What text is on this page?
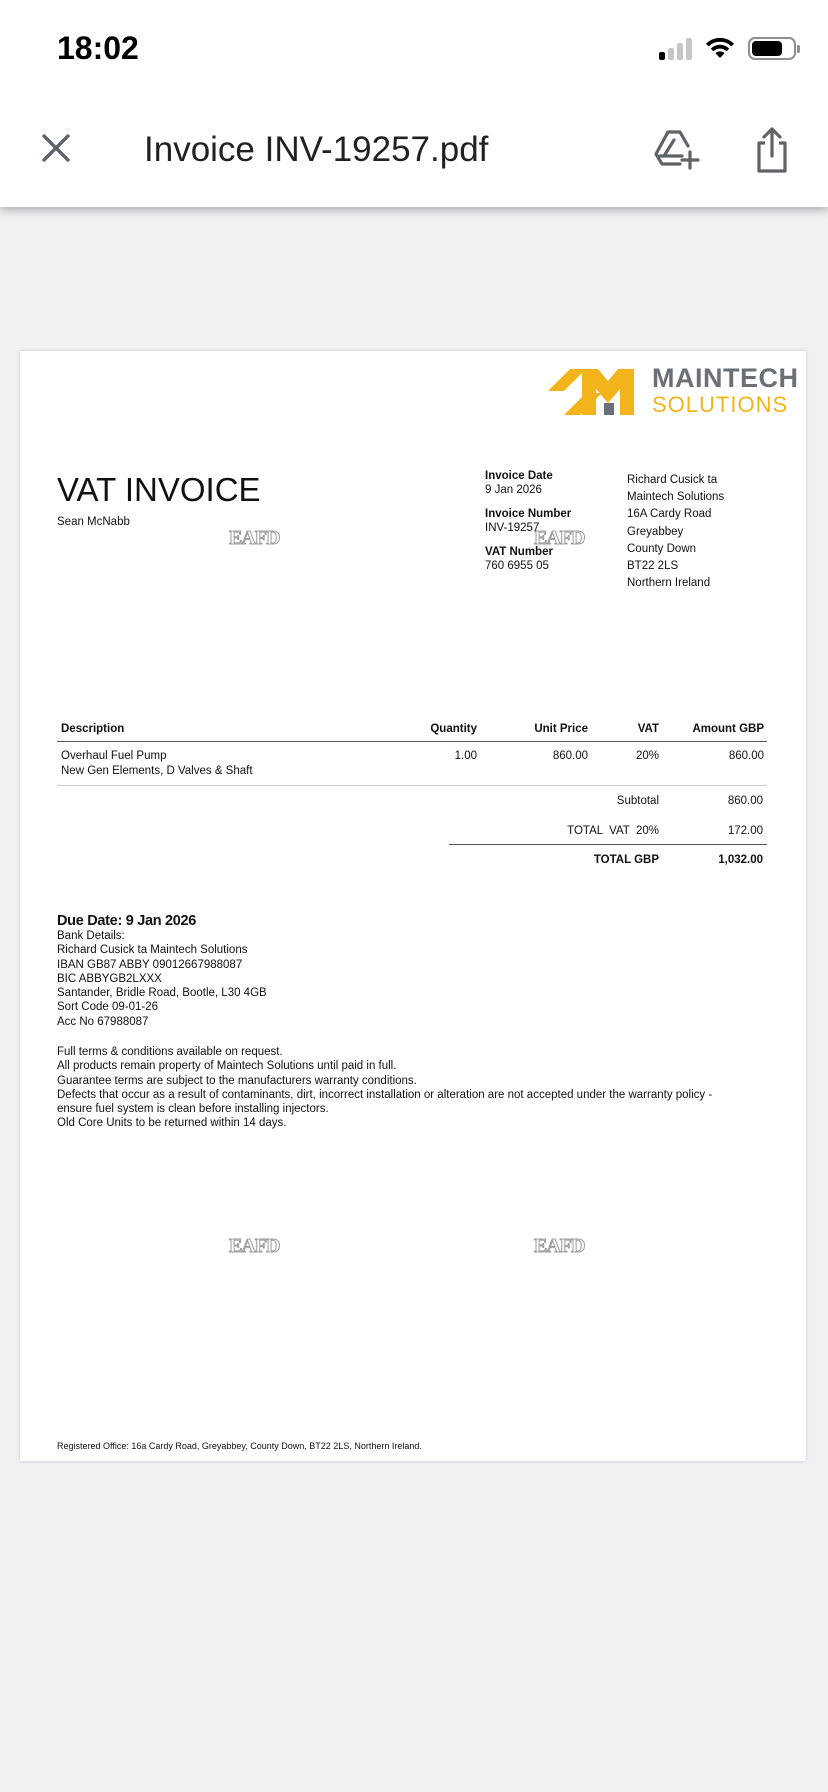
18:02
Invoice INV-19257.pdf
MAINTECH
SOLUTIONS
VAT INVOICE
Sean McNabb
EAFD	EAFD
EAFD	EAFD
Invoice Date
9 Jan 2026
Invoice Number
INV-19257
VAT Number
760 6955 05
Richard Cusick ta
Maintech Solutions
16A Cardy Road
Greyabbey
County Down
BT22 2LS
Northern Ireland
Description	Quantity	Unit Price	VAT	Amount GBP
Overhaul Fuel Pump
New Gen Elements, D Valves & Shaft
1.00	860.00	20%	860.00
Subtotal	860.00
TOTAL  VAT  20%	172.00
TOTAL GBP	1,032.00
Due Date: 9 Jan 2026
Bank Details:
Richard Cusick ta Maintech Solutions
IBAN GB87 ABBY 09012667988087
BIC ABBYGB2LXXX
Santander, Bridle Road, Bootle, L30 4GB
Sort Code 09-01-26
Acc No 67988087
Full terms & conditions available on request.
All products remain property of Maintech Solutions until paid in full.
Guarantee terms are subject to the manufacturers warranty conditions.
Defects that occur as a result of contaminants, dirt, incorrect installation or alteration are not accepted under the warranty policy -
ensure fuel system is clean before installing injectors.
Old Core Units to be returned within 14 days.
Registered Office: 16a Cardy Road, Greyabbey, County Down, BT22 2LS, Northern Ireland.
